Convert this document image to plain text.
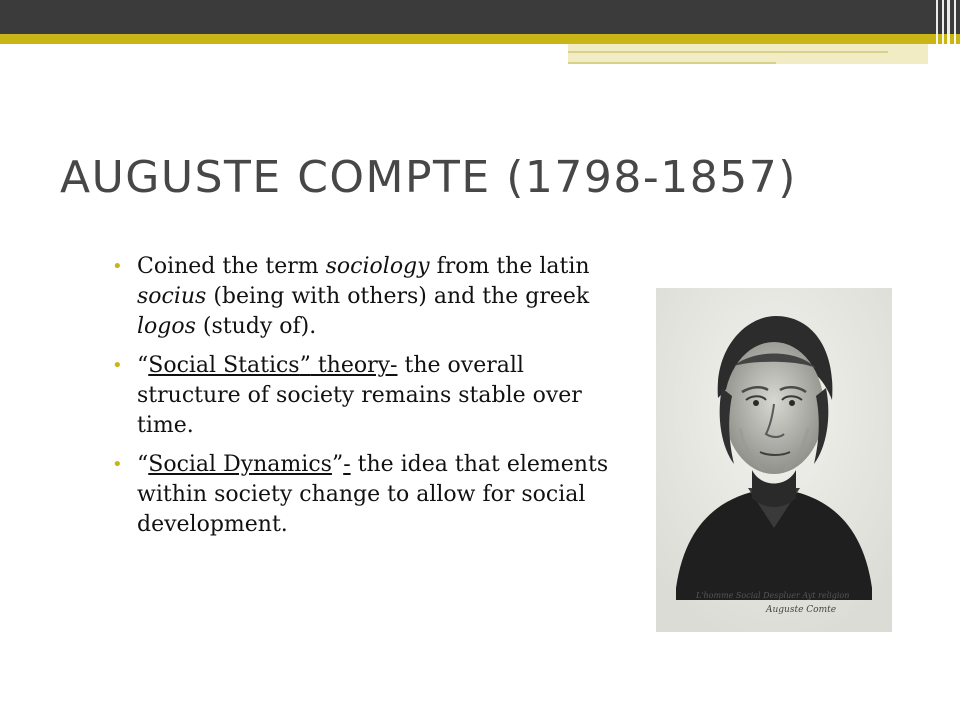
AUGUSTE COMPTE (1798-1857)
• Coined the term sociology from the latin socius (being with others) and the greek logos (study of).
• “Social Statics” theory- the overall structure of society remains stable over time.
• “Social Dynamics”- the idea that elements within society change to allow for social development.
L'homme Social Despluer Ayt religion
Auguste Comte
